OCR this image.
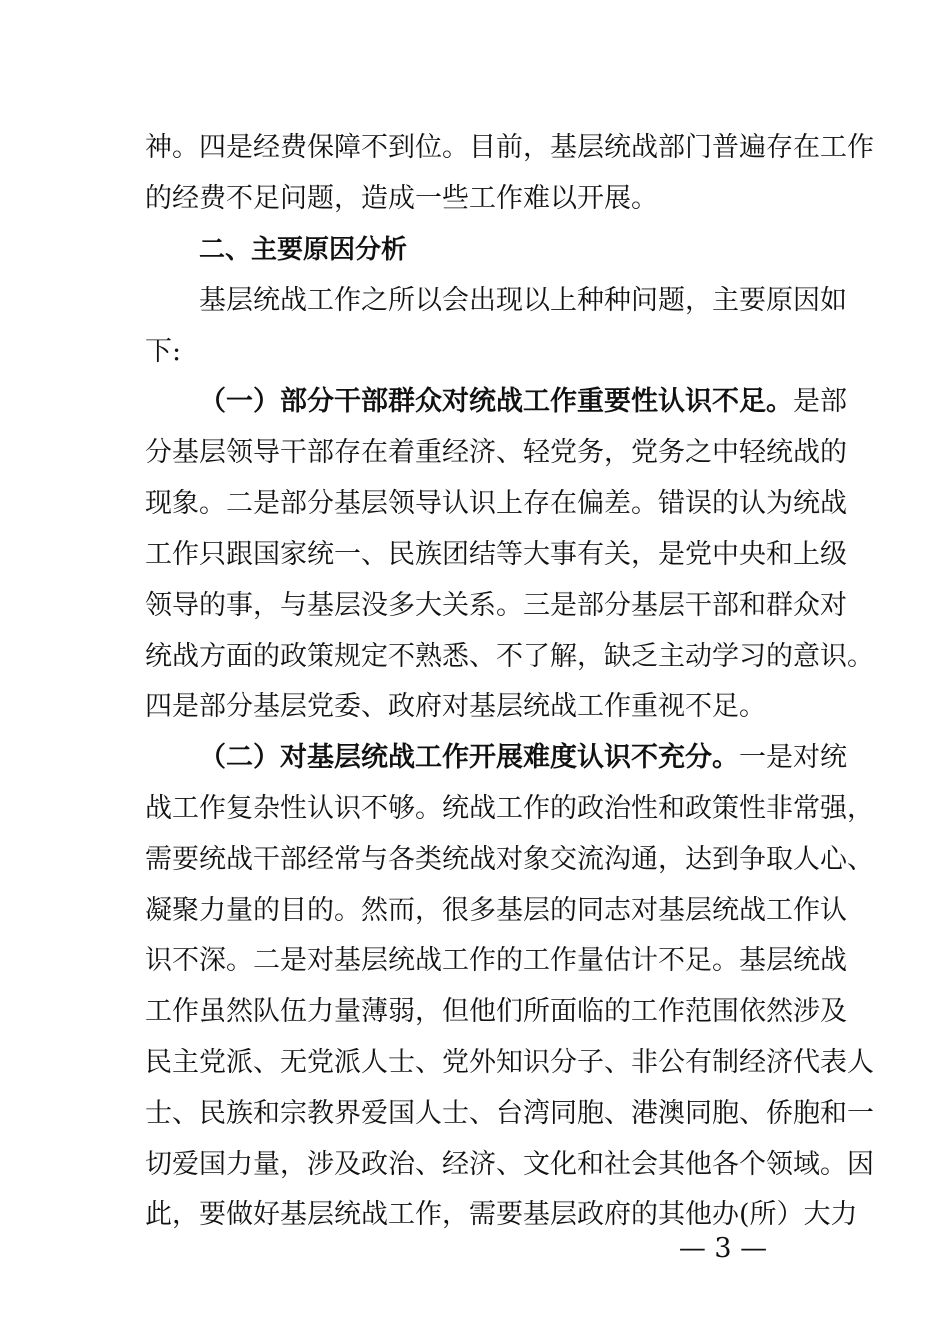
神。四是经费保障不到位。目前，基层统战部门普遍存在工作
的经费不足问题，造成一些工作难以开展。
二、主要原因分析
基层统战工作之所以会出现以上种种问题，主要原因如
下:
（一）部分干部群众对统战工作重要性认识不足。是部
分基层领导干部存在着重经济、轻党务，党务之中轻统战的
现象。二是部分基层领导认识上存在偏差。错误的认为统战
工作只跟国家统一、民族团结等大事有关，是党中央和上级
领导的事，与基层没多大关系。三是部分基层干部和群众对
统战方面的政策规定不熟悉、不了解，缺乏主动学习的意识。
四是部分基层党委、政府对基层统战工作重视不足。
（二）对基层统战工作开展难度认识不充分。一是对统
战工作复杂性认识不够。统战工作的政治性和政策性非常强，
需要统战干部经常与各类统战对象交流沟通，达到争取人心、
凝聚力量的目的。然而，很多基层的同志对基层统战工作认
识不深。二是对基层统战工作的工作量估计不足。基层统战
工作虽然队伍力量薄弱，但他们所面临的工作范围依然涉及
民主党派、无党派人士、党外知识分子、非公有制经济代表人
士、民族和宗教界爱国人士、台湾同胞、港澳同胞、侨胞和一
切爱国力量，涉及政治、经济、文化和社会其他各个领域。因
此，要做好基层统战工作，需要基层政府的其他办(所）大力
— 3 —
